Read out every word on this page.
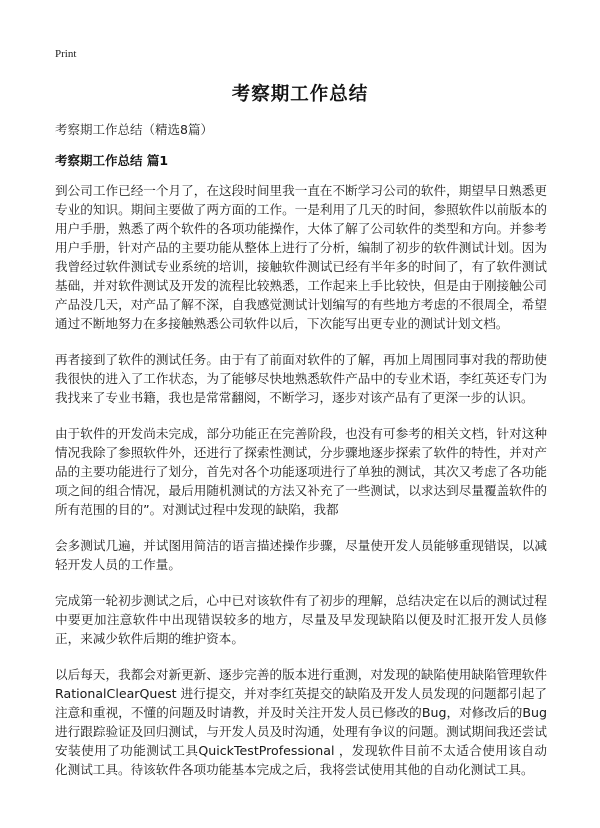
Print
考察期工作总结
考察期工作总结（精选8篇）
考察期工作总结 篇1

到公司工作已经一个月了，在这段时间里我一直在不断学习公司的软件，期望早日熟悉更专业的知识。期间主要做了两方面的工作。一是利用了几天的时间，参照软件以前版本的用户手册，熟悉了两个软件的各项功能操作，大体了解了公司软件的类型和方向。并参考用户手册，针对产品的主要功能从整体上进行了分析，编制了初步的软件测试计划。因为我曾经过软件测试专业系统的培训，接触软件测试已经有半年多的时间了，有了软件测试基础，并对软件测试及开发的流程比较熟悉，工作起来上手比较快，但是由于刚接触公司产品没几天，对产品了解不深，自我感觉测试计划编写的有些地方考虑的不很周全，希望通过不断地努力在多接触熟悉公司软件以后，下次能写出更专业的测试计划文档。

再者接到了软件的测试任务。由于有了前面对软件的了解，再加上周围同事对我的帮助使我很快的进入了工作状态，为了能够尽快地熟悉软件产品中的专业术语，李红英还专门为我找来了专业书籍，我也是常常翻阅，不断学习，逐步对该产品有了更深一步的认识。

由于软件的开发尚未完成，部分功能正在完善阶段，也没有可参考的相关文档，针对这种情况我除了参照软件外，还进行了探索性测试，分步骤地逐步探索了软件的特性，并对产品的主要功能进行了划分，首先对各个功能逐项进行了单独的测试，其次又考虑了各功能项之间的组合情况，最后用随机测试的方法又补充了一些测试，以求达到尽量覆盖软件的所有范围的目的”。对测试过程中发现的缺陷，我都

会多测试几遍，并试图用简洁的语言描述操作步骤，尽量使开发人员能够重现错误，以减轻开发人员的工作量。

完成第一轮初步测试之后，心中已对该软件有了初步的理解，总结决定在以后的测试过程中要更加注意软件中出现错误较多的地方，尽量及早发现缺陷以便及时汇报开发人员修正，来减少软件后期的维护资本。

以后每天，我都会对新更新、逐步完善的版本进行重测，对发现的缺陷使用缺陷管理软件RationalClearQuest 进行提交，并对李红英提交的缺陷及开发人员发现的问题都引起了注意和重视，不懂的问题及时请教，并及时关注开发人员已修改的Bug，对修改后的Bug进行跟踪验证及回归测试，与开发人员及时沟通，处理有争议的问题。测试期间我还尝试安装使用了功能测试工具QuickTestProfessional ，发现软件目前不太适合使用该自动化测试工具。待该软件各项功能基本完成之后，我将尝试使用其他的自动化测试工具。
